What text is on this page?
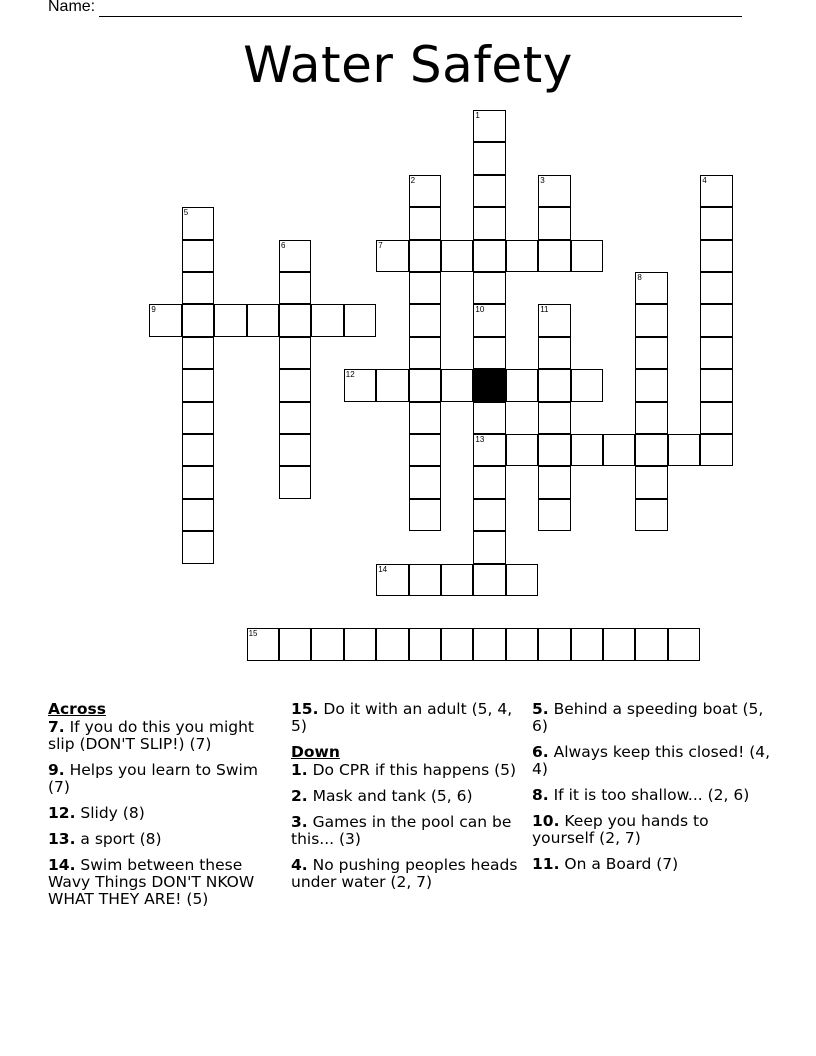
Name:
Water Safety
1
10
13
2	3	4
5
6	7
8
9	11
12
14
15
Across
7. If you do this you might slip (DON'T SLIP!) (7)
9. Helps you learn to Swim (7)
12. Slidy (8)
13. a sport (8)
14. Swim between these Wavy Things DON'T NKOW WHAT THEY ARE! (5)
15. Do it with an adult (5, 4, 5)
Down
1. Do CPR if this happens (5)
2. Mask and tank (5, 6)
3. Games in the pool can be this... (3)
4. No pushing peoples heads under water (2, 7)
5. Behind a speeding boat (5, 6)
6. Always keep this closed! (4, 4)
8. If it is too shallow... (2, 6)
10. Keep you hands to yourself (2, 7)
11. On a Board (7)
